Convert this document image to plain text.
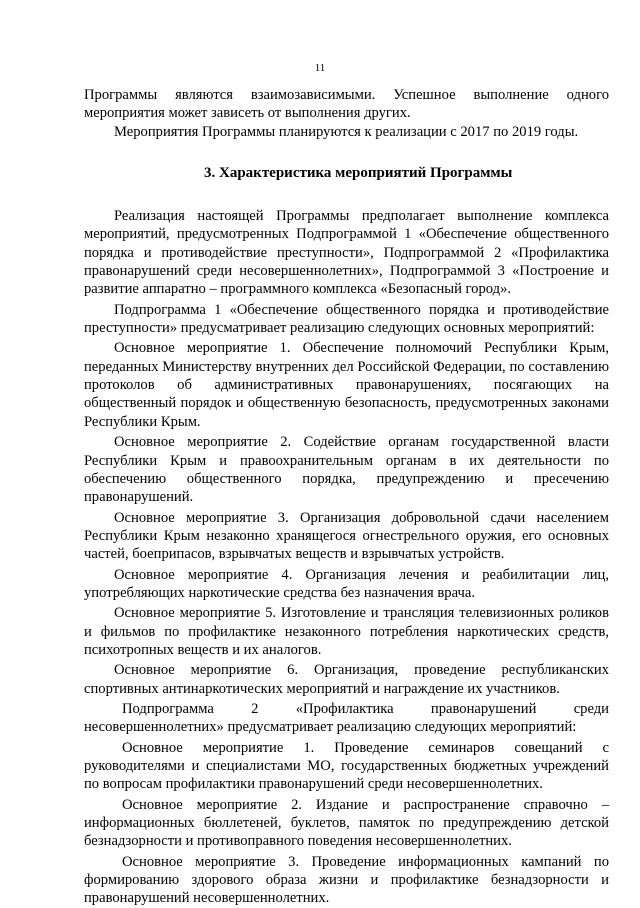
11

Программы являются взаимозависимыми. Успешное выполнение одного мероприятия может зависеть от выполнения других.

Мероприятия Программы планируются к реализации с 2017 по 2019 годы.

3. Характеристика мероприятий Программы

Реализация настоящей Программы предполагает выполнение комплекса мероприятий, предусмотренных Подпрограммой 1 «Обеспечение общественного порядка и противодействие преступности», Подпрограммой 2 «Профилактика правонарушений среди несовершеннолетних», Подпрограммой 3 «Построение и развитие аппаратно – программного комплекса «Безопасный город».

Подпрограмма 1 «Обеспечение общественного порядка и противодействие преступности» предусматривает реализацию следующих основных мероприятий:

Основное мероприятие 1. Обеспечение полномочий Республики Крым, переданных Министерству внутренних дел Российской Федерации, по составлению протоколов об административных правонарушениях, посягающих на общественный порядок и общественную безопасность, предусмотренных законами Республики Крым.

Основное мероприятие 2. Содействие органам государственной власти Республики Крым и правоохранительным органам в их деятельности по обеспечению общественного порядка, предупреждению и пресечению правонарушений.

Основное мероприятие 3. Организация добровольной сдачи населением Республики Крым незаконно хранящегося огнестрельного оружия, его основных частей, боеприпасов, взрывчатых веществ и взрывчатых устройств.

Основное мероприятие 4. Организация лечения и реабилитации лиц, употребляющих наркотические средства без назначения врача.

Основное мероприятие 5. Изготовление и трансляция телевизионных роликов и фильмов по профилактике незаконного потребления наркотических средств, психотропных веществ и их аналогов.

Основное мероприятие 6. Организация, проведение республиканских спортивных антинаркотических мероприятий и награждение их участников.

Подпрограмма 2 «Профилактика правонарушений среди несовершеннолетних» предусматривает реализацию следующих мероприятий:

Основное мероприятие 1. Проведение семинаров совещаний с руководителями и специалистами МО, государственных бюджетных учреждений по вопросам профилактики правонарушений среди несовершеннолетних.

Основное мероприятие 2. Издание и распространение справочно – информационных бюллетеней, буклетов, памяток по предупреждению детской безнадзорности и противоправного поведения несовершеннолетних.

Основное мероприятие 3. Проведение информационных кампаний по формированию здорового образа жизни и профилактике безнадзорности и правонарушений несовершеннолетних.
